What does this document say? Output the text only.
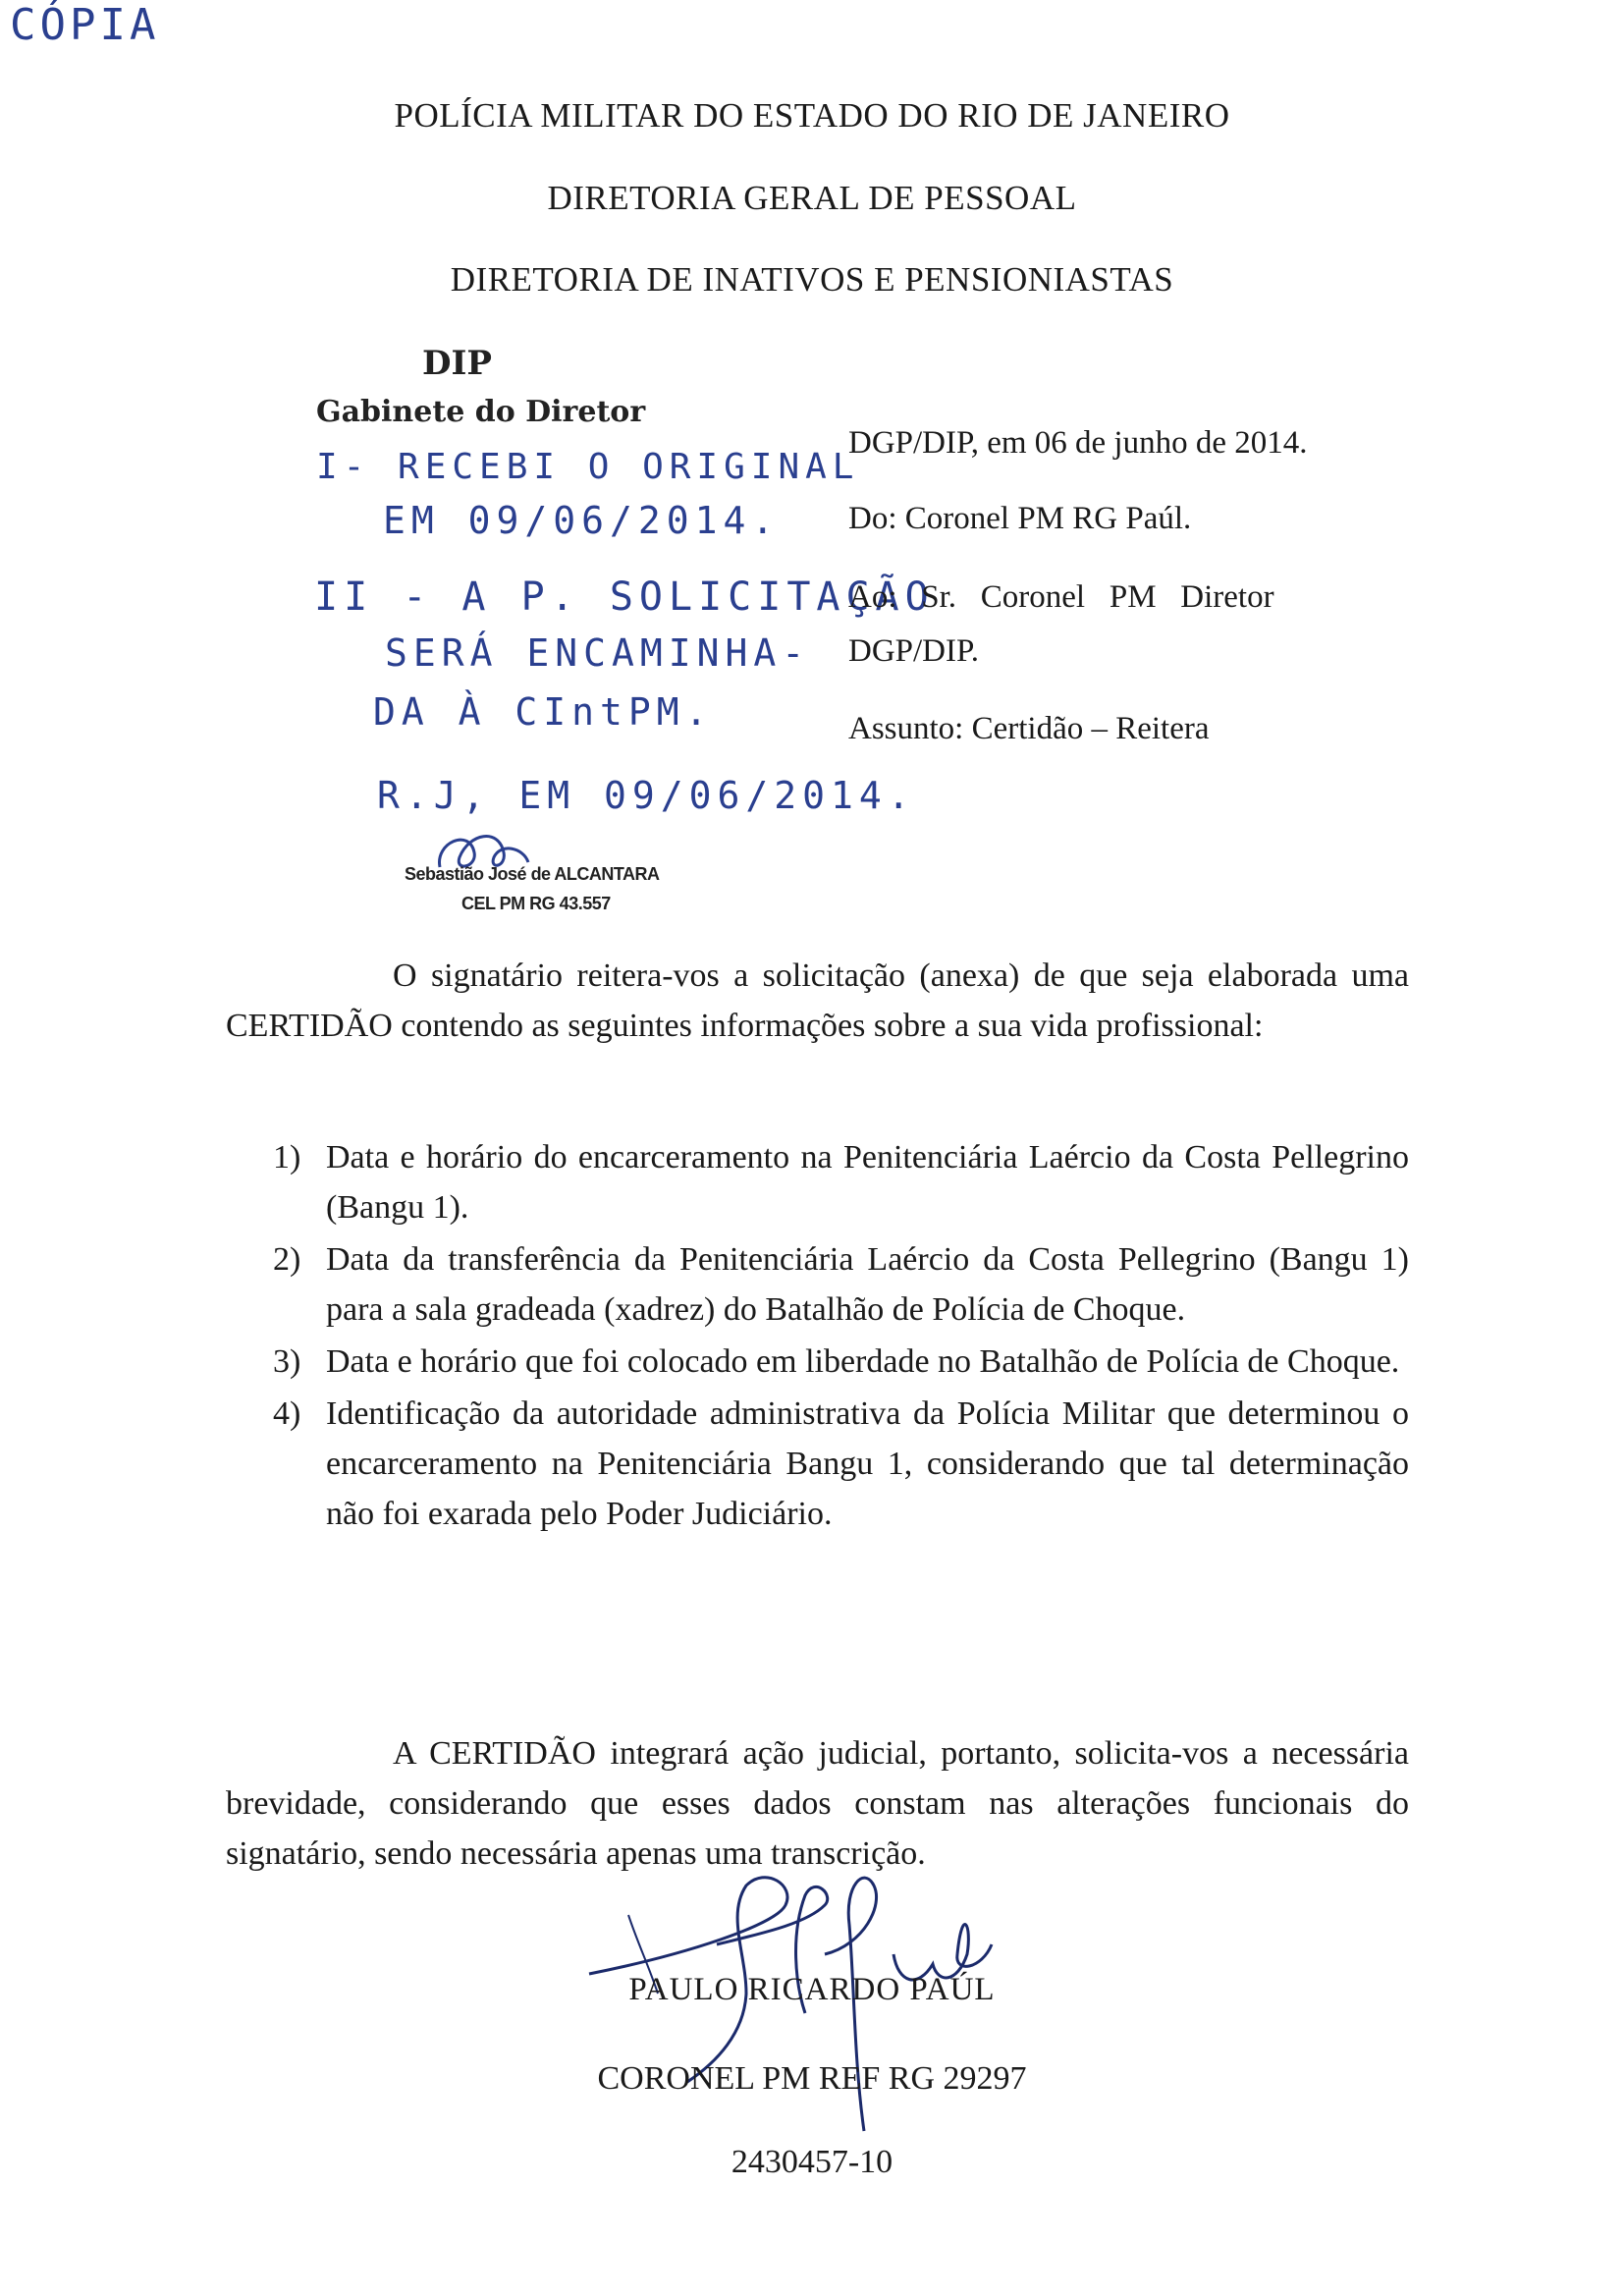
CÓPIA
POLÍCIA MILITAR DO ESTADO DO RIO DE JANEIRO
DIRETORIA GERAL DE PESSOAL
DIRETORIA DE INATIVOS E PENSIONIASTAS
DIP
Gabinete do Diretor
I- RECEBI O ORIGINAL
EM 09/06/2014.
II - A P. SOLICITAÇÃO
SERÁ ENCAMINHA-
DA À CIntPM.
R.J, EM 09/06/2014.
Sebastião José de ALCANTARA
CEL PM RG 43.557
DGP/DIP, em 06 de junho de 2014.
Do: Coronel PM RG Paúl.
Ao:   Sr.   Coronel   PM   Diretor
DGP/DIP.
Assunto: Certidão – Reitera
O signatário reitera-vos a solicitação (anexa) de que seja elaborada uma CERTIDÃO contendo as seguintes informações sobre a sua vida profissional:
1) Data e horário do encarceramento na Penitenciária Laércio da Costa Pellegrino (Bangu 1).
2) Data da transferência da Penitenciária Laércio da Costa Pellegrino (Bangu 1) para a sala gradeada (xadrez) do Batalhão de Polícia de Choque.
3) Data e horário que foi colocado em liberdade no Batalhão de Polícia de Choque.
4) Identificação da autoridade administrativa da Polícia Militar que determinou o encarceramento na Penitenciária Bangu 1, considerando que tal determinação não foi exarada pelo Poder Judiciário.
A CERTIDÃO integrará ação judicial, portanto, solicita-vos a necessária brevidade, considerando que esses dados constam nas alterações funcionais do signatário, sendo necessária apenas uma transcrição.
PAULO RICARDO PAÚL
CORONEL PM REF RG 29297
2430457-10
